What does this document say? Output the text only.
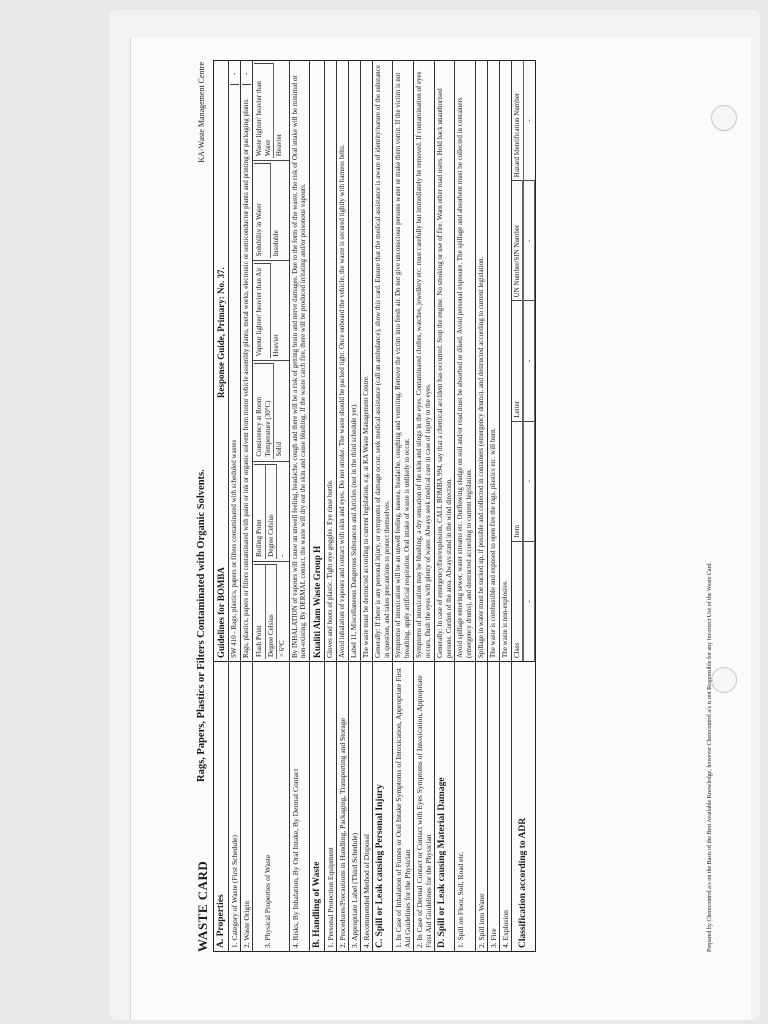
WASTE CARD
Rags, Papers, Plastics or Filters Contaminated with Organic Solvents.
KA-Waste Management Centre
A. Properties
Guidelines for BOMBA
Response Guide, Primary: No. 37.
1. Category of Waste (First Schedule)
SW 410 - Rags, plastics, papers or filters contaminated with scheduled wastes
-
2. Waste Origin
Rags, plastics, papers or filters contaminated with paint or ink or organic solvent from motor vehicle assembly plants, metal works, electronic or semiconductor plants and printing or packaging plants.
-
3. Physical Properties of Waste
Flash Point Degree Celsius > 6°C
Boiling Point Degree Celsius -
Consistency at Room Temperature (30°C) Solid
Vapour lighter/ heavier than Air	Heavier
Solubility in Water	Insoluble
Waste lighter/ heavier than Water Heavier
4. Risks, By Inhalation, By Oral Intake, By Dermal Contact
By INHALATION of vapours will cause an unwell feeling, headache, cough and there will be a risk of getting brain and nerve damages. Due to the form of the waste, the risk of Oral intake will be minimal or non-existing. By DERMAL contact, the waste will dry out the skin and cause blushing. If the waste catch fire, there will be produced irritating and/or poisonous vapours.
B. Handling of Waste
Kualiti Alam Waste Group H
1. Personal Protection Equipment
Gloves and boots of plastic. Tight eye goggles. Eye rinse bottle.
2. Procedures/Precautions in Handling, Packaging, Transporting and Storage
Avoid inhalation of vapours and contact with skin and eyes. Do not smoke. The waste should be packed tight. Once onboard the vehicle, the waste is secured tightly with harness belts.
3. Appropriate Label (Third Schedule)
Label 11, Miscellaneous Dangerous Substances and Articles (not in the third schedule yet).
4. Recommended Method of Disposal
The waste must be destructed according to current legislation, e.g. at KA Waste Management Centre.
C. Spill or Leak causing Personal Injury
Generally: If there is any personal injury, or symptoms of damage occur, seek medical assistance (call an ambulance), show this card. Ensure that the medical assistance is aware of identity/nature of the substance in question, and takes precautions to protect themselves.
1. In Case of Inhalation of Fumes or Oral Intake Symptoms of Intoxication, Appropriate First Aid Guidelines for the Physician
Symptoms of intoxication will be an unwell feeling, nausea, headache, coughing and vomiting. Remove the victim into fresh air. Do not give unconscious persons water or make them vomit. If the victim is not breathing, apply artificial respiration. Oral intake of waste is unlikely to occur.
2. In Case of Dermal Contact or Contact with Eyes Symptoms of Intoxication, Appropriate First Aid Guidelines for the Physician
Symptoms of intoxication may be blushing, a dry sensation of the skin and stings in the eyes. Contaminated clothes, watches, jewellery etc. must carefully but immediately be removed. If contamination of eyes occurs, flush the eyes with plenty of water. Always seek medical care in case of injury to the eyes.
D. Spill or Leak causing Material Damage
Generally: In case of emergency/fire/explosion, CALL BOMBA 994, say that a chemical accident has occurred. Stop the engine. No smoking or use of fire. Warn other road users. Hold back unauthorised persons. Cordon of the area. Always stand in the wind direction.
1. Spill on Floor, Soil, Road etc.
Avoid spillage entering sewer, water streams etc. Outflowing sludge on soil and/or road must be absorbed or diked. Avoid personal exposure. The spillage and absorbent must be collected in containers (emergency drums), and destructed according to current legislation.
2. Spill into Water
Spillage in water must be sucked up, if possible and collected in containers (emergency drums), and destructed according to current legislation.
3. Fire
The waste is combustible and exposed to open fire the rags, plastics etc. will burn.
4. Explosion
The waste is non-explosive.
Classification according to ADR
Class
Item
Letter
UN Number/SIN Number
Hazard Identification Number
-
-
-
-
-
Prepared by Chemcontrol a/s on the Basis of the Best Available Knowledge, however Chemcontrol a/s is not Responsible for any Incorrect Use of the Waste Card.
